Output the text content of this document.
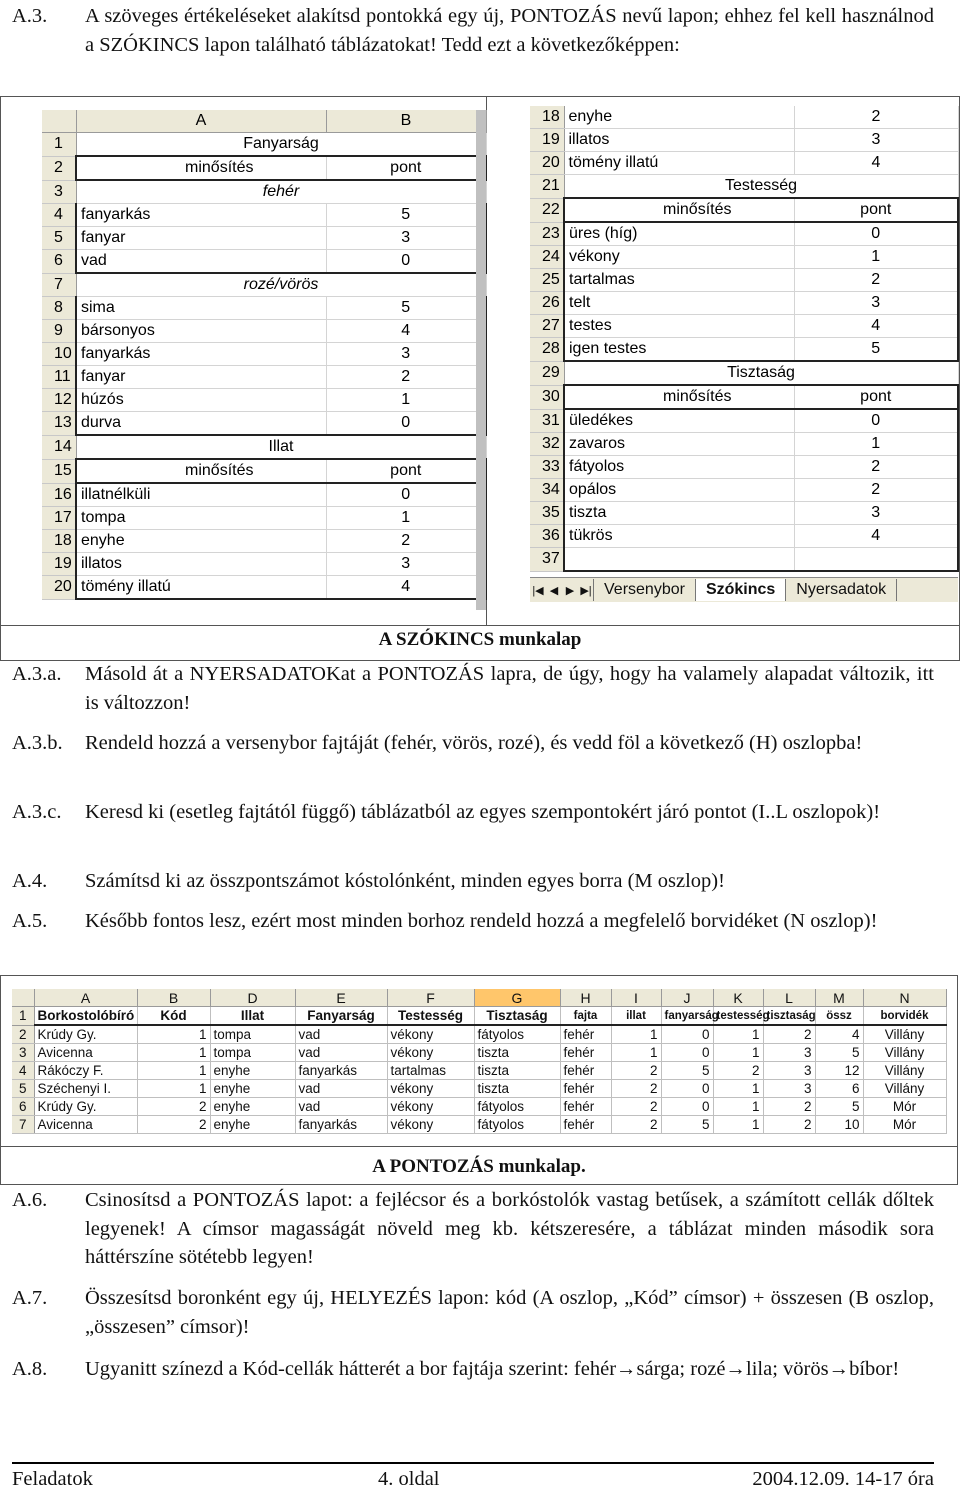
A.3. A szöveges értékeléseket alakítsd pontokká egy új, PONTOZÁS nevű lapon; ehhez fel kell használnod a SZÓKINCS lapon található táblázatokat! Tedd ezt a következőképpen:
A SZÓKINCS munkalap
	A	B
1	Fanyarság	
2	minősítés	pont
3	fehér	
4	fanyarkás	5
5	fanyar	3
6	vad	0
7	rozé/vörös	
8	sima	5
9	bársonyos	4
10	fanyarkás	3
11	fanyar	2
12	húzós	1
13	durva	0
14	Illat	
15	minősítés	pont
16	illatnélküli	0
17	tompa	1
18	enyhe	2
19	illatos	3
20	tömény illatú	4
18	enyhe	2
19	illatos	3
20	tömény illatú	4
21	Testesség	
22	minősítés	pont
23	üres (híg)	0
24	vékony	1
25	tartalmas	2
26	telt	3
27	testes	4
28	igen testes	5
29	Tisztaság	
30	minősítés	pont
31	üledékes	0
32	zavaros	1
33	fátyolos	2
34	opálos	2
35	tiszta	3
36	tükrös	4
37		
|◀ ◀ ▶ ▶| Versenybor	Szókincs	Nyersadatok
A.3.a. Másold át a NYERSADATOKat a PONTOZÁS lapra, de úgy, hogy ha valamely alapadat változik, itt is változzon!
A.3.b. Rendeld hozzá a versenybor fajtáját (fehér, vörös, rozé), és vedd föl a következő (H) oszlopba!
A.3.c. Keresd ki (esetleg fajtától függő) táblázatból az egyes szempontokért járó pontot (I..L oszlopok)!
A.4. Számítsd ki az összpontszámot kóstolónként, minden egyes borra (M oszlop)!
A.5. Később fontos lesz, ezért most minden borhoz rendeld hozzá a megfelelő borvidéket (N oszlop)!
A PONTOZÁS munkalap.
	A	B	D	E	F	G	H	I	J	K	L	M	N
1	Borkostolóbíró	Kód	Illat	Fanyarság	Testesség	Tisztaság	fajta	illat	fanyarság	testesség	tisztaság	össz	borvidék
2	Krúdy Gy.	1	tompa	vad	vékony	fátyolos	fehér	1	0	1	2	4	Villány
3	Avicenna	1	tompa	vad	vékony	tiszta	fehér	1	0	1	3	5	Villány
4	Rákóczy F.	1	enyhe	fanyarkás	tartalmas	tiszta	fehér	2	5	2	3	12	Villány
5	Széchenyi I.	1	enyhe	vad	vékony	tiszta	fehér	2	0	1	3	6	Villány
6	Krúdy Gy.	2	enyhe	vad	vékony	fátyolos	fehér	2	0	1	2	5	Mór
7	Avicenna	2	enyhe	fanyarkás	vékony	fátyolos	fehér	2	5	1	2	10	Mór
A.6. Csinosítsd a PONTOZÁS lapot: a fejlécsor és a borkóstolók vastag betűsek, a számított cellák dőltek legyenek! A címsor magasságát növeld meg kb. kétszeresére, a táblázat minden második sora háttérszíne sötétebb legyen!
A.7. Összesítsd boronként egy új, HELYEZÉS lapon: kód (A oszlop, „Kód” címsor) + összesen (B oszlop, „összesen” címsor)!
A.8. Ugyanitt színezd a Kód-cellák hátterét a bor fajtája szerint: fehér→sárga; rozé→lila; vörös→bíbor!
Feladatok	4. oldal	2004.12.09. 14-17 óra
